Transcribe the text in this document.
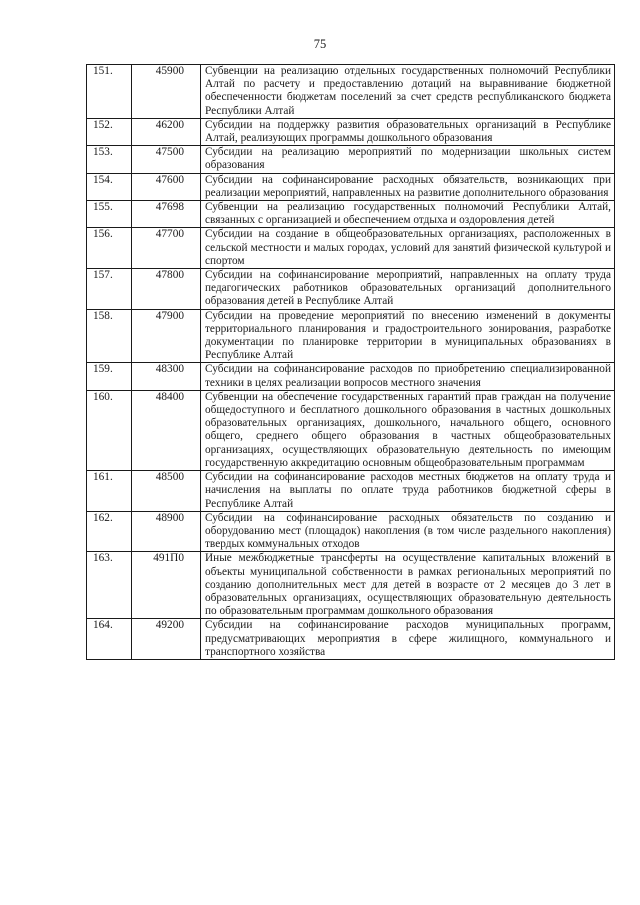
75
151.	45900	Субвенции на реализацию отдельных государственных полномочий Республики Алтай по расчету и предоставлению дотаций на выравнивание бюджетной обеспеченности бюджетам поселений за счет средств республиканского бюджета Республики Алтай
152.	46200	Субсидии на поддержку развития образовательных организаций в Республике Алтай, реализующих программы дошкольного образования
153.	47500	Субсидии на реализацию мероприятий по модернизации школьных систем образования
154.	47600	Субсидии на софинансирование расходных обязательств, возникающих при реализации мероприятий, направленных на развитие дополнительного образования
155.	47698	Субвенции на реализацию государственных полномочий Республики Алтай, связанных с организацией и обеспечением отдыха и оздоровления детей
156.	47700	Субсидии на создание в общеобразовательных организациях, расположенных в сельской местности и малых городах, условий для занятий физической культурой и спортом
157.	47800	Субсидии на софинансирование мероприятий, направленных на оплату труда педагогических работников образовательных организаций дополнительного образования детей в Республике Алтай
158.	47900	Субсидии на проведение мероприятий по внесению изменений в документы территориального планирования и градостроительного зонирования, разработке документации по планировке территории в муниципальных образованиях в Республике Алтай
159.	48300	Субсидии на софинансирование расходов по приобретению специализированной техники в целях реализации вопросов местного значения
160.	48400	Субвенции на обеспечение государственных гарантий прав граждан на получение общедоступного и бесплатного дошкольного образования в частных дошкольных образовательных организациях, дошкольного, начального общего, основного общего, среднего общего образования в частных общеобразовательных организациях, осуществляющих образовательную деятельность по имеющим государственную аккредитацию основным общеобразовательным программам
161.	48500	Субсидии на софинансирование расходов местных бюджетов на оплату труда и начисления на выплаты по оплате труда работников бюджетной сферы в Республике Алтай
162.	48900	Субсидии на софинансирование расходных обязательств по созданию и оборудованию мест (площадок) накопления (в том числе раздельного накопления) твердых коммунальных отходов
163.	491П0	Иные межбюджетные трансферты на осуществление капитальных вложений в объекты муниципальной собственности в рамках региональных мероприятий по созданию дополнительных мест для детей в возрасте от 2 месяцев до 3 лет в образовательных организациях, осуществляющих образовательную деятельность по образовательным программам дошкольного образования
164.	49200	Субсидии на софинансирование расходов муниципальных программ, предусматривающих мероприятия в сфере жилищного, коммунального и транспортного хозяйства
